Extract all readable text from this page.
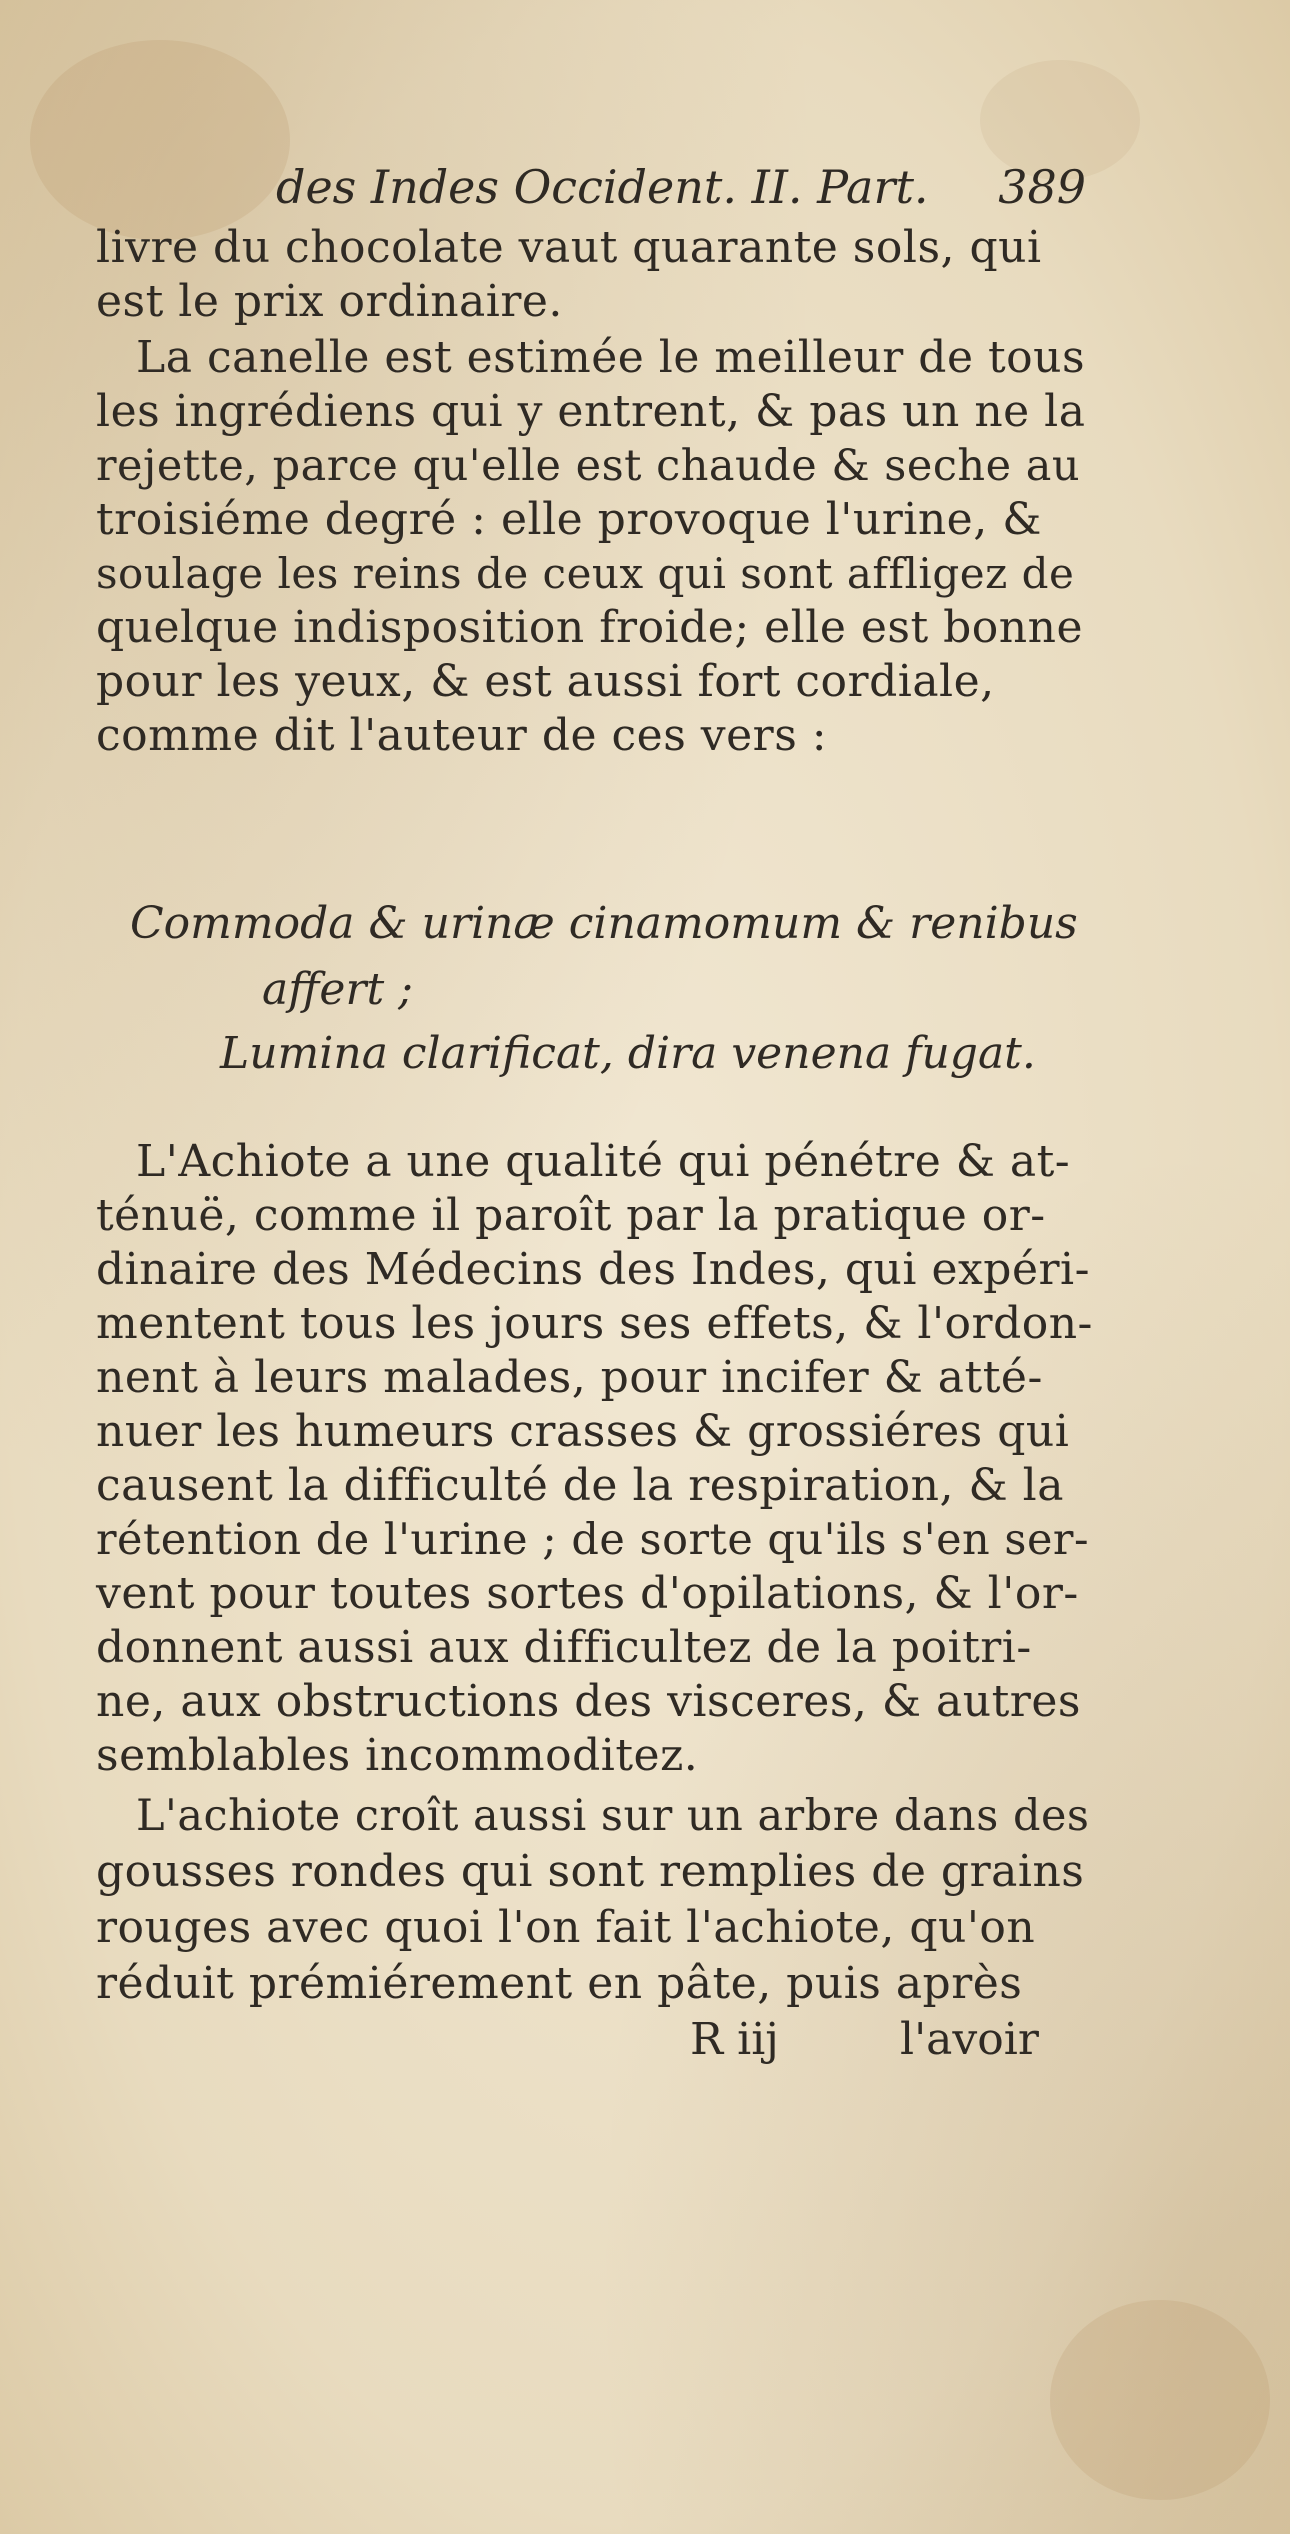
des Indes Occident. II. Part. 389
livre du chocolate vaut quarante sols, qui
est le prix ordinaire.
La canelle est estimée le meilleur de tous
les ingrédiens qui y entrent, & pas un ne la
rejette, parce qu'elle est chaude & seche au
troisiéme degré : elle provoque l'urine, &
soulage les reins de ceux qui sont affligez de
quelque indisposition froide; elle est bonne
pour les yeux, & est aussi fort cordiale,
comme dit l'auteur de ces vers :
Commoda & urinæ cinamomum & renibus
affert ;
Lumina clarificat, dira venena fugat.
L'Achiote a une qualité qui pénétre & at-
ténuë, comme il paroît par la pratique or-
dinaire des Médecins des Indes, qui expéri-
mentent tous les jours ses effets, & l'ordon-
nent à leurs malades, pour incifer & atté-
nuer les humeurs crasses & grossiéres qui
causent la difficulté de la respiration, & la
rétention de l'urine ; de sorte qu'ils s'en ser-
vent pour toutes sortes d'opilations, & l'or-
donnent aussi aux difficultez de la poitri-
ne, aux obstructions des visceres, & autres
semblables incommoditez.
L'achiote croît aussi sur un arbre dans des
gousses rondes qui sont remplies de grains
rouges avec quoi l'on fait l'achiote, qu'on
réduit prémiérement en pâte, puis après
R iij	l'avoir
